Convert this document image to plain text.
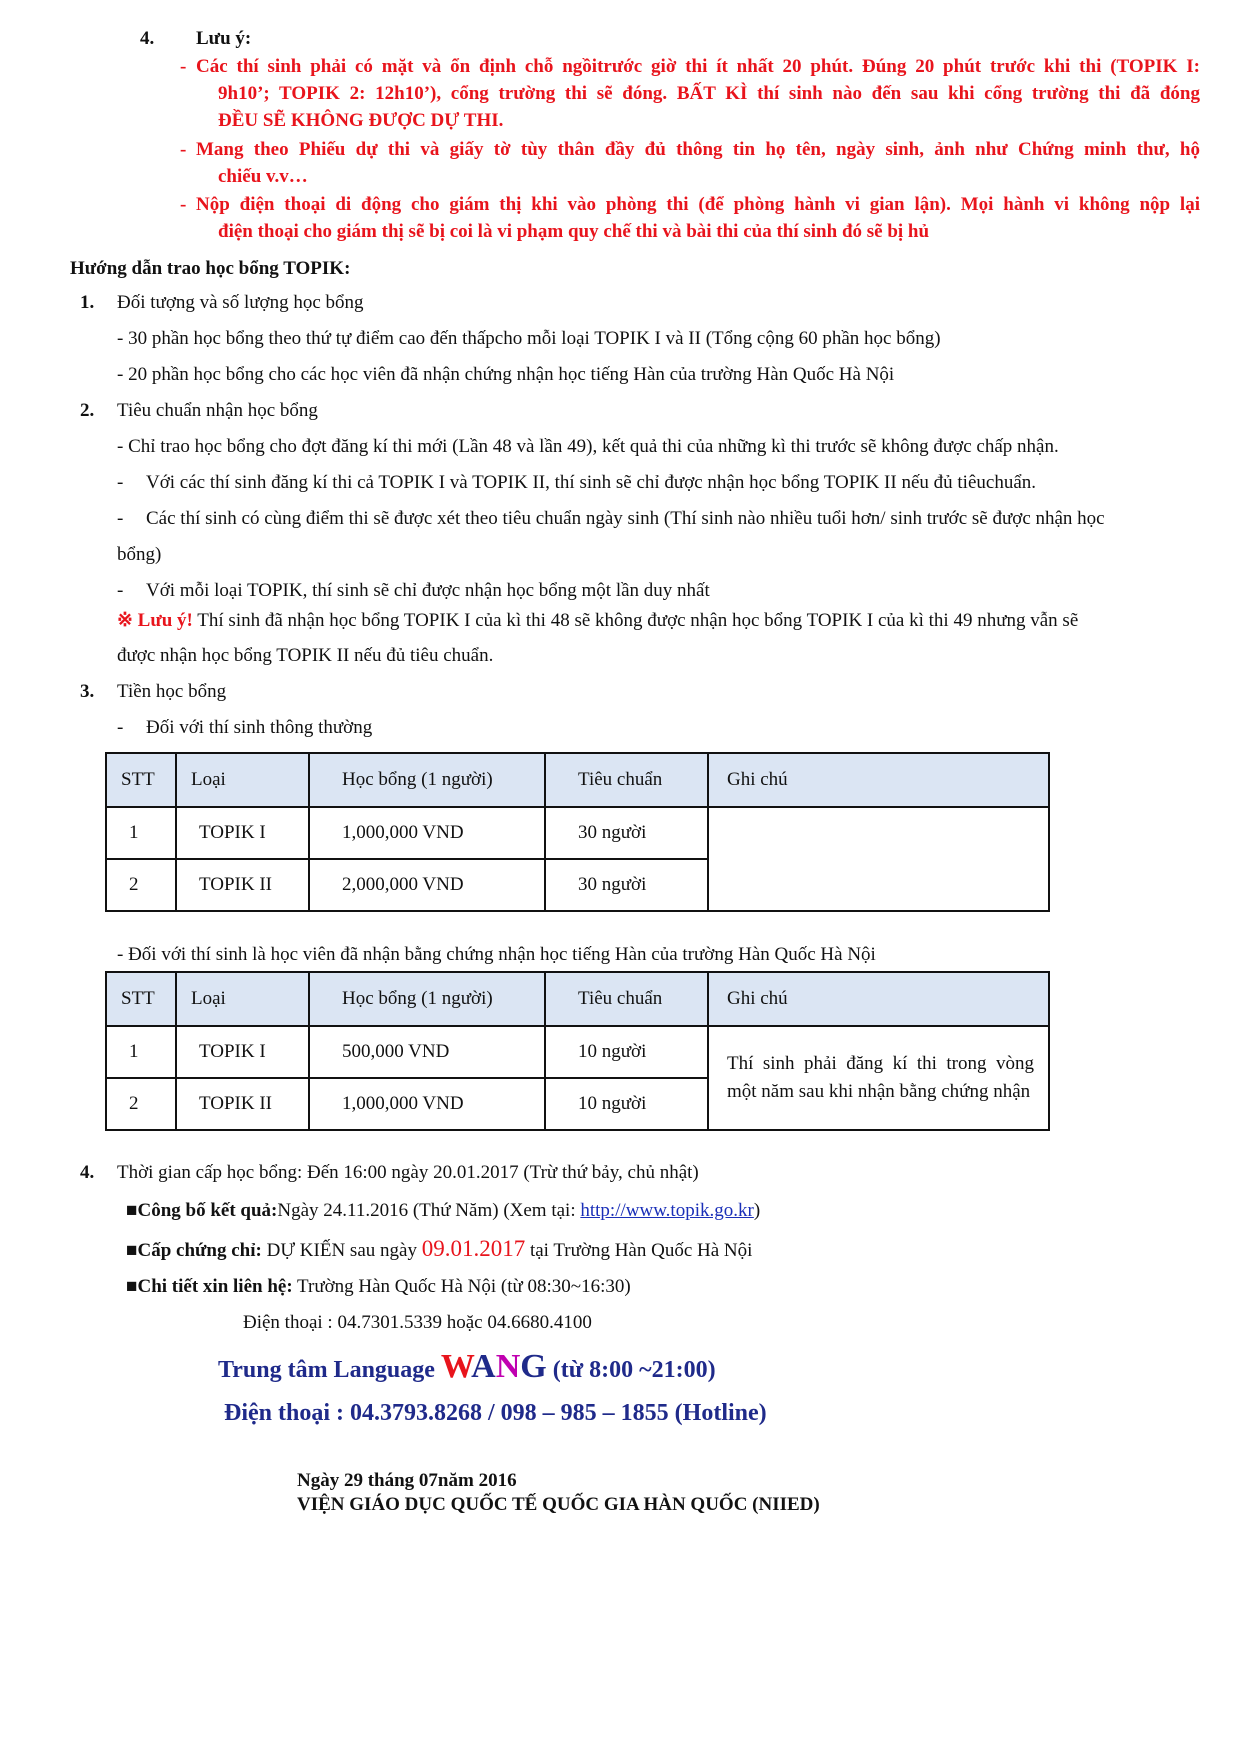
4. Lưu ý:
- Các thí sinh phải có mặt và ổn định chỗ ngồitrước giờ thi ít nhất 20 phút. Đúng 20 phút trước khi thi (TOPIK I:
9h10’; TOPIK 2: 12h10’), cổng trường thi sẽ đóng. BẤT KÌ thí sinh nào đến sau khi cổng trường thi đã đóng
ĐỀU SẼ KHÔNG ĐƯỢC DỰ THI.
- Mang theo Phiếu dự thi và giấy tờ tùy thân đầy đủ thông tin họ tên, ngày sinh, ảnh như Chứng minh thư, hộ
chiếu v.v…
- Nộp điện thoại di động cho giám thị khi vào phòng thi (để phòng hành vi gian lận). Mọi hành vi không nộp lại
điện thoại cho giám thị sẽ bị coi là vi phạm quy chế thi và bài thi của thí sinh đó sẽ bị hủ
Hướng dẫn trao học bổng TOPIK:
1. Đối tượng và số lượng học bổng
- 30 phần học bổng theo thứ tự điểm cao đến thấpcho mỗi loại TOPIK I và II (Tổng cộng 60 phần học bổng)
- 20 phần học bổng cho các học viên đã nhận chứng nhận học tiếng Hàn của trường Hàn Quốc Hà Nội
2. Tiêu chuẩn nhận học bổng
- Chỉ trao học bổng cho đợt đăng kí thi mới (Lần 48 và lần 49), kết quả thi của những kì thi trước sẽ không được chấp nhận.
- Với các thí sinh đăng kí thi cả TOPIK I và TOPIK II, thí sinh sẽ chỉ được nhận học bổng TOPIK II nếu đủ tiêuchuẩn.
- Các thí sinh có cùng điểm thi sẽ được xét theo tiêu chuẩn ngày sinh (Thí sinh nào nhiều tuổi hơn/ sinh trước sẽ được nhận học
bổng)
- Với mỗi loại TOPIK, thí sinh sẽ chỉ được nhận học bổng một lần duy nhất
※ Lưu ý! Thí sinh đã nhận học bổng TOPIK I của kì thi 48 sẽ không được nhận học bổng TOPIK I của kì thi 49 nhưng vẫn sẽ
được nhận học bổng TOPIK II nếu đủ tiêu chuẩn.
3. Tiền học bổng
- Đối với thí sinh thông thường
STT	Loại	Học bổng (1 người)	Tiêu chuẩn	Ghi chú
1	TOPIK I	1,000,000 VND	30 người	
2	TOPIK II	2,000,000 VND	30 người	
- Đối với thí sinh là học viên đã nhận bằng chứng nhận học tiếng Hàn của trường Hàn Quốc Hà Nội
STT	Loại	Học bổng (1 người)	Tiêu chuẩn	Ghi chú
1	TOPIK I	500,000 VND	10 người	Thí sinh phải đăng kí thi trong vòng một năm sau khi nhận bằng chứng nhận
2	TOPIK II	1,000,000 VND	10 người	
4. Thời gian cấp học bổng: Đến 16:00 ngày 20.01.2017 (Trừ thứ bảy, chủ nhật)
■Công bố kết quả:Ngày 24.11.2016 (Thứ Năm) (Xem tại: http://www.topik.go.kr)
■Cấp chứng chỉ: DỰ KIẾN sau ngày 09.01.2017 tại Trường Hàn Quốc Hà Nội
■Chi tiết xin liên hệ: Trường Hàn Quốc Hà Nội (từ 08:30~16:30)
Điện thoại : 04.7301.5339 hoặc 04.6680.4100
Trung tâm Language WANG (từ 8:00 ~21:00)
Điện thoại : 04.3793.8268 / 098 – 985 – 1855 (Hotline)
Ngày 29 tháng 07năm 2016
VIỆN GIÁO DỤC QUỐC TẾ QUỐC GIA HÀN QUỐC (NIIED)
